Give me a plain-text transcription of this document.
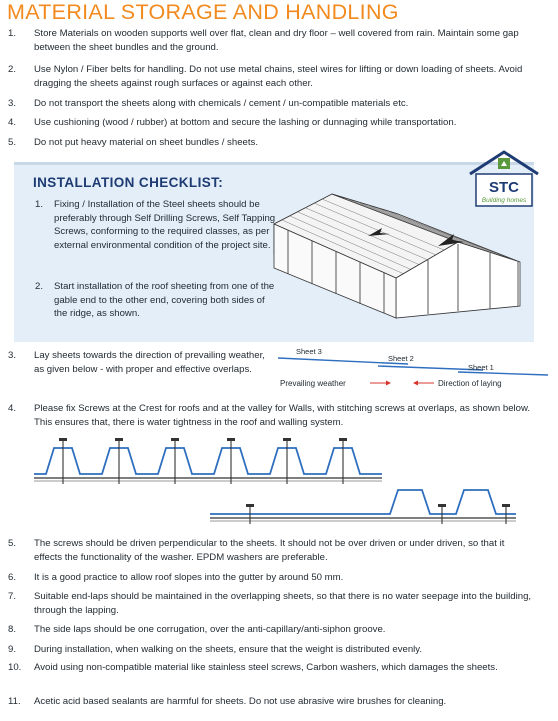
MATERIAL STORAGE AND HANDLING
1.	Store Materials on wooden supports well over flat, clean and dry floor – well covered from rain. Maintain some gap between the sheet bundles and the ground.
2.	Use Nylon / Fiber belts for handling. Do not use metal chains, steel wires for lifting or down loading of sheets. Avoid dragging the sheets against rough surfaces or against each other.
3.	Do not transport the sheets along with chemicals / cement / un-compatible materials etc.
4.	Use cushioning (wood / rubber) at bottom and secure the lashing or dunnaging while transportation.
5.	Do not put heavy material on sheet bundles / sheets.
INSTALLATION CHECKLIST:
1. Fixing / Installation of the Steel sheets should be preferably through Self Drilling Screws, Self Tapping Screws, conforming to the required classes, as per external environmental condition of the project site.
2. Start installation of the roof sheeting from one of the gable end to the other end, covering both sides of the ridge, as shown.
STC
Building homes
3.	Lay sheets towards the direction of prevailing weather, as given below - with proper and effective overlaps.
Sheet 3
Sheet 2
Sheet 1
Prevailing weather	Direction of laying
4.	Please fix Screws at the Crest for roofs and at the valley for Walls, with stitching screws at overlaps, as shown below. This ensures that, there is water tightness in the roof and walling system.
5.	The screws should be driven perpendicular to the sheets. It should not be over driven or under driven, so that it effects the functionality of the washer. EPDM washers are preferable.
6.	It is a good practice to allow roof slopes into the gutter by around 50 mm.
7.	Suitable end-laps should be maintained in the overlapping sheets, so that there is no water seepage into the building, through the lapping.
8.	The side laps should be one corrugation, over the anti-capillary/anti-siphon groove.
9.	During installation, when walking on the sheets, ensure that the weight is distributed evenly.
10.	Avoid using non-compatible material like stainless steel screws, Carbon washers, which damages the sheets.
11.	Acetic acid based sealants are harmful for sheets. Do not use abrasive wire brushes for cleaning.
